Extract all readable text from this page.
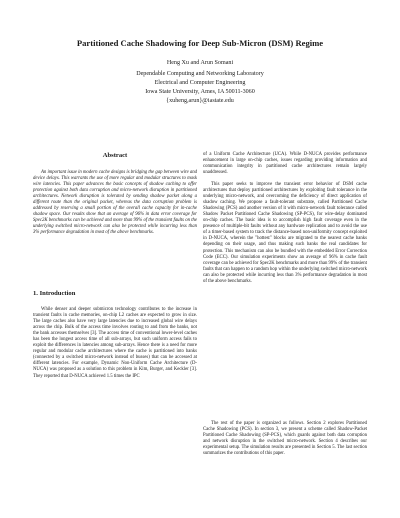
Partitioned Cache Shadowing for Deep Sub-Micron (DSM) Regime
Heng Xu and Arun Somani
Dependable Computing and Networking Laboratory
Electrical and Computer Engineering
Iowa State University, Ames, IA 50011-3060
{xuheng,arun}@iastate.edu
Abstract

An important issue in modern cache designs is bridging the gap between wire and device delays. This warrants the use of more regular and modular structures to mask wire latencies. This paper advances the basic concepts of shadow caching to offer protection against both data corruption and micro-network disruption in partitioned architectures. Network disruption is tolerated by sending shadow packet along a different route than the original packet, whereas the data corruption problem is addressed by reserving a small portion of the overall cache capacity for in-cache shadow space. Our results show that an average of 96% in data error coverage for Spec2K benchmarks can be achieved and more than 99% of the transient faults on the underlying switched micro-network can also be protected while incurring less than 3% performance degradation in most of the above benchmarks.

1. Introduction

While denser and deeper submicron technology contributes to the increase in transient faults in cache memories, on-chip L2 caches are expected to grow in size. The large caches also have very large latencies due to increased global wire delays across the chip. Bulk of the access time involves routing to and from the banks, not the bank accesses themselves [3]. The access time of conventional lower-level caches has been the longest access time of all sub-arrays, but such uniform access fails to exploit the differences in latencies among sub-arrays. Hence there is a need for more regular and modular cache architectures where the cache is partitioned into banks (connected by a switched micro-network instead of busses) that can be accessed at different latencies. For example, Dynamic Non-Uniform Cache Architecture (D-NUCA) was proposed as a solution to this problem in Kim, Burger, and Keckler [3]. They reported that D-NUCA achieved 1.5 times the IPC

of a Uniform Cache Architecture (UCA). While D-NUCA provides performance enhancement in large on-chip caches, issues regarding providing information and communication integrity in partitioned cache architectures remain largely unaddressed.

This paper seeks to improve the transient error behavior of DSM cache architectures that deploy partitioned architectures by exploiting fault tolerance in the underlying micro-network, and overcoming the deficiency of direct application of shadow caching. We propose a fault-tolerant substrate, called Partitioned Cache Shadowing (PCS) and another version of it with micro-network fault tolerance called Shadow Packet Partitioned Cache Shadowing (SP-PCS), for wire-delay dominated on-chip caches. The basic idea is to accomplish high fault coverage even in the presence of multiple-bit faults without any hardware replication and to avoid the use of a timer-based system to track the distance-based non-uniformity concept exploited in D-NUCA, wherein the "hottest" blocks are migrated to the nearest cache banks depending on their usage, and thus making such banks the real candidates for protection. This mechanism can also be bundled with the embedded Error Correction Code (ECC). Our simulation experiments show an average of 96% in cache fault coverage can be achieved for Spec2K benchmarks and more than 99% of the transient faults that can happen to a random hop within the underlying switched micro-network can also be protected while incurring less than 3% performance degradation in most of the above benchmarks.

The rest of the paper is organized as follows. Section 2 explores Partitioned Cache Shadowing (PCS). In section 3, we present a scheme called Shadow-Packet Partitioned Cache Shadowing (SP-PCS), which guards against both data corruption and network disruption in the switched micro-network. Section 4 describes our experimental setup. The simulation results are presented in Section 5. The last section summarizes the contributions of this paper.
